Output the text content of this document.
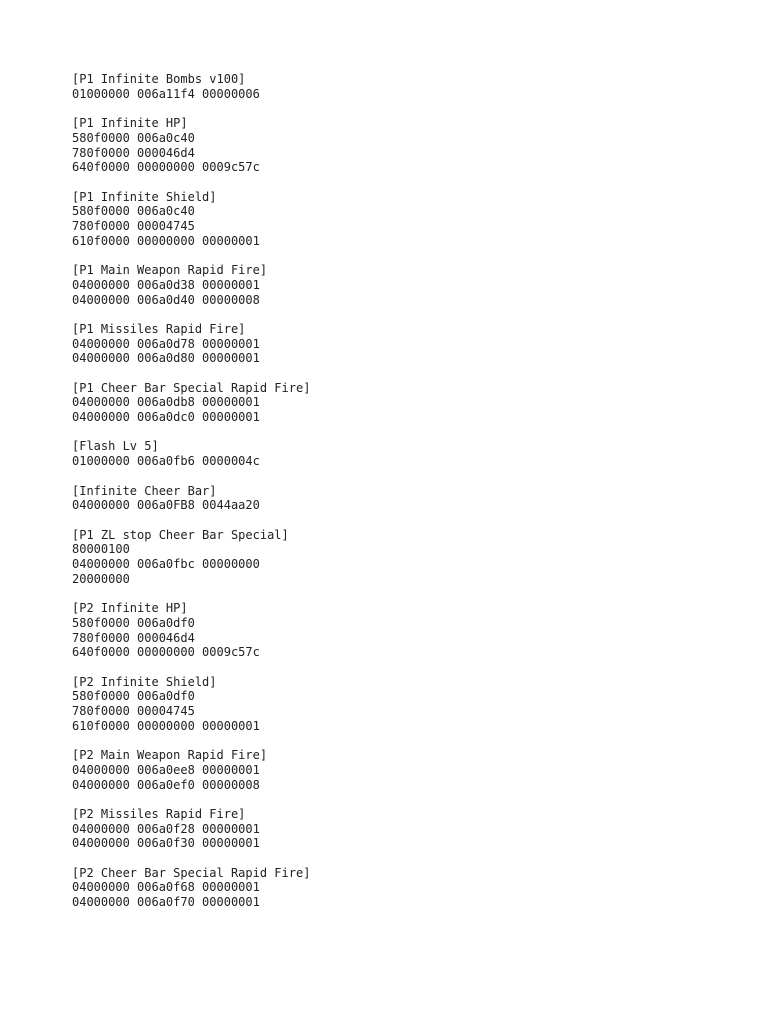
[P1 Infinite Bombs v100]
01000000 006a11f4 00000006
[P1 Infinite HP]
580f0000 006a0c40
780f0000 000046d4
640f0000 00000000 0009c57c
[P1 Infinite Shield]
580f0000 006a0c40
780f0000 00004745
610f0000 00000000 00000001
[P1 Main Weapon Rapid Fire]
04000000 006a0d38 00000001
04000000 006a0d40 00000008
[P1 Missiles Rapid Fire]
04000000 006a0d78 00000001
04000000 006a0d80 00000001
[P1 Cheer Bar Special Rapid Fire]
04000000 006a0db8 00000001
04000000 006a0dc0 00000001
[Flash Lv 5]
01000000 006a0fb6 0000004c
[Infinite Cheer Bar]
04000000 006a0FB8 0044aa20
[P1 ZL stop Cheer Bar Special]
80000100
04000000 006a0fbc 00000000
20000000
[P2 Infinite HP]
580f0000 006a0df0
780f0000 000046d4
640f0000 00000000 0009c57c
[P2 Infinite Shield]
580f0000 006a0df0
780f0000 00004745
610f0000 00000000 00000001
[P2 Main Weapon Rapid Fire]
04000000 006a0ee8 00000001
04000000 006a0ef0 00000008
[P2 Missiles Rapid Fire]
04000000 006a0f28 00000001
04000000 006a0f30 00000001
[P2 Cheer Bar Special Rapid Fire]
04000000 006a0f68 00000001
04000000 006a0f70 00000001
